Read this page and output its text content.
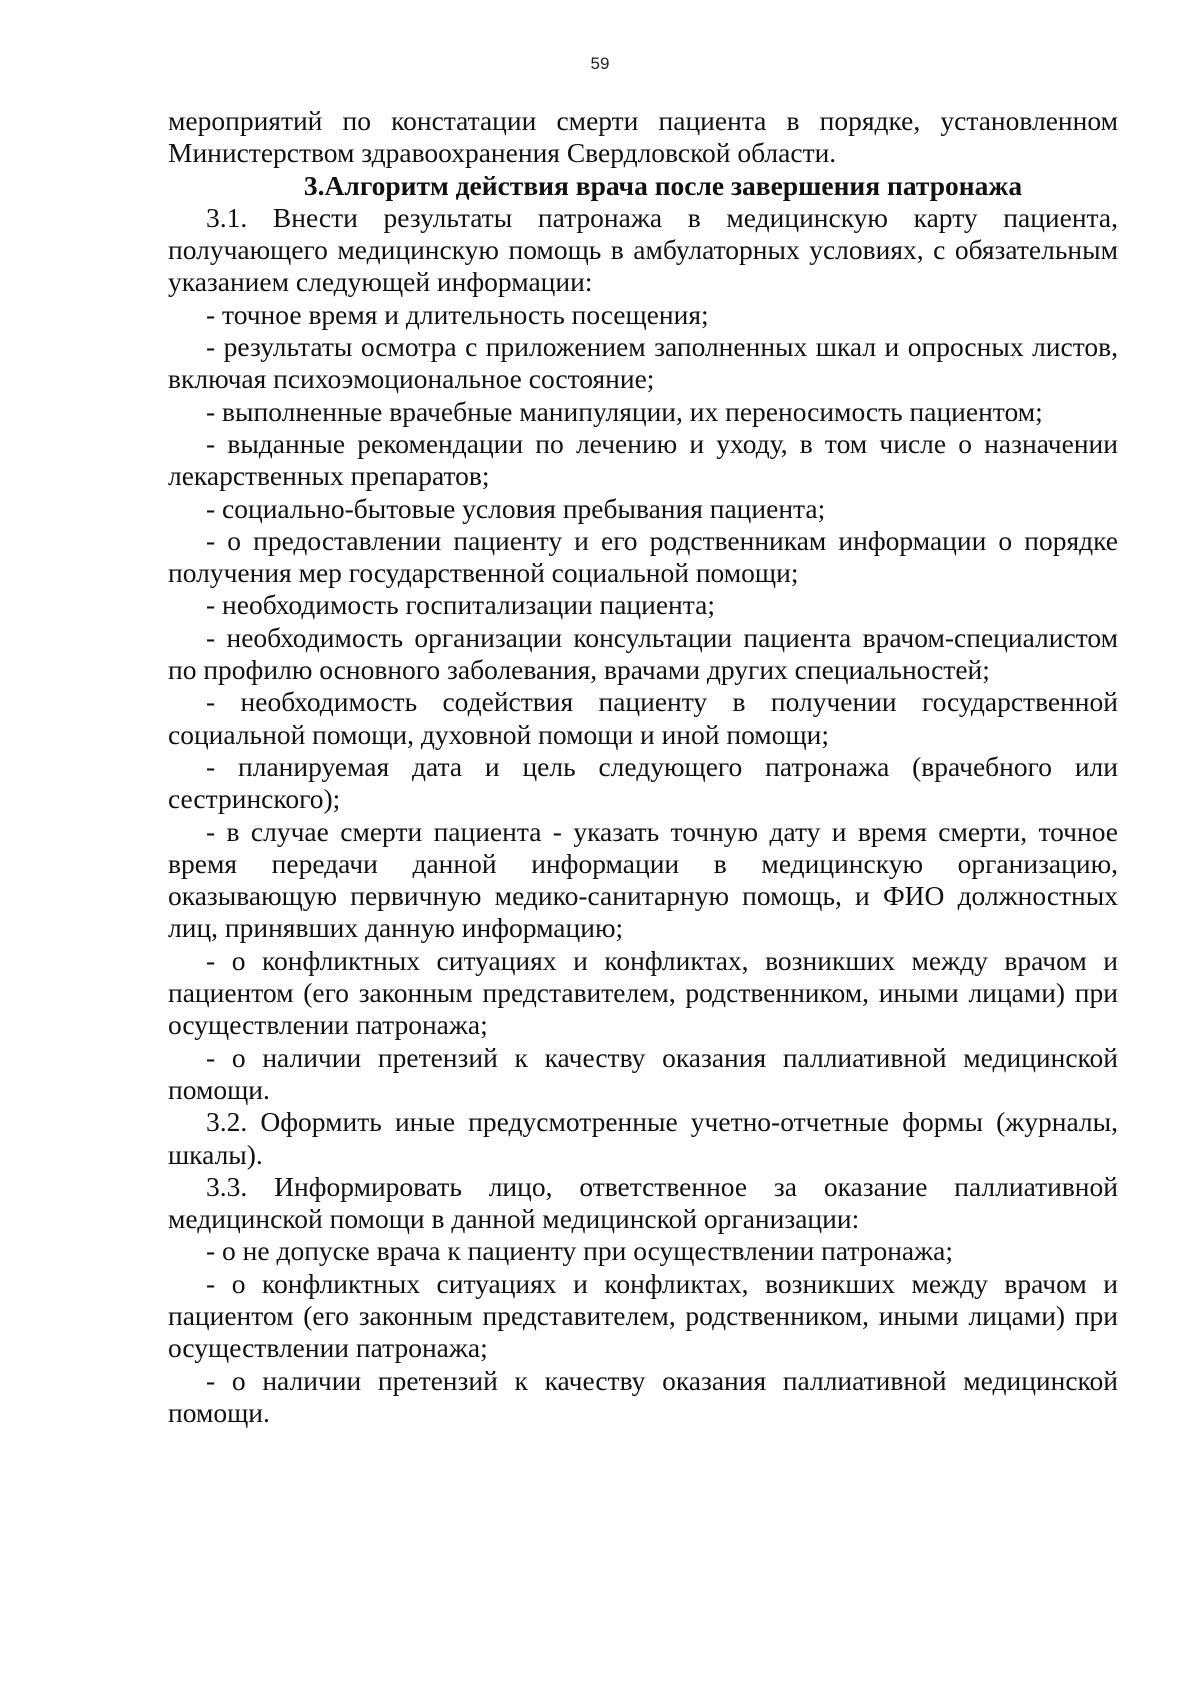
59

мероприятий по констатации смерти пациента в порядке, установленном Министерством здравоохранения Свердловской области.

3.Алгоритм действия врача после завершения патронажа

3.1. Внести результаты патронажа в медицинскую карту пациента, получающего медицинскую помощь в амбулаторных условиях, с обязательным указанием следующей информации:

- точное время и длительность посещения;

- результаты осмотра с приложением заполненных шкал и опросных листов, включая психоэмоциональное состояние;

- выполненные врачебные манипуляции, их переносимость пациентом;

- выданные рекомендации по лечению и уходу, в том числе о назначении лекарственных препаратов;

- социально-бытовые условия пребывания пациента;

- о предоставлении пациенту и его родственникам информации о порядке получения мер государственной социальной помощи;

- необходимость госпитализации пациента;

- необходимость организации консультации пациента врачом-специалистом по профилю основного заболевания, врачами других специальностей;

- необходимость содействия пациенту в получении государственной социальной помощи, духовной помощи и иной помощи;

- планируемая дата и цель следующего патронажа (врачебного или сестринского);

- в случае смерти пациента - указать точную дату и время смерти, точное время передачи данной информации в медицинскую организацию, оказывающую первичную медико-санитарную помощь, и ФИО должностных лиц, принявших данную информацию;

- о конфликтных ситуациях и конфликтах, возникших между врачом и пациентом (его законным представителем, родственником, иными лицами) при осуществлении патронажа;

- о наличии претензий к качеству оказания паллиативной медицинской помощи.

3.2. Оформить иные предусмотренные учетно-отчетные формы (журналы, шкалы).

3.3. Информировать лицо, ответственное за оказание паллиативной медицинской помощи в данной медицинской организации:

- о не допуске врача к пациенту при осуществлении патронажа;

- о конфликтных ситуациях и конфликтах, возникших между врачом и пациентом (его законным представителем, родственником, иными лицами) при осуществлении патронажа;

- о наличии претензий к качеству оказания паллиативной медицинской помощи.
